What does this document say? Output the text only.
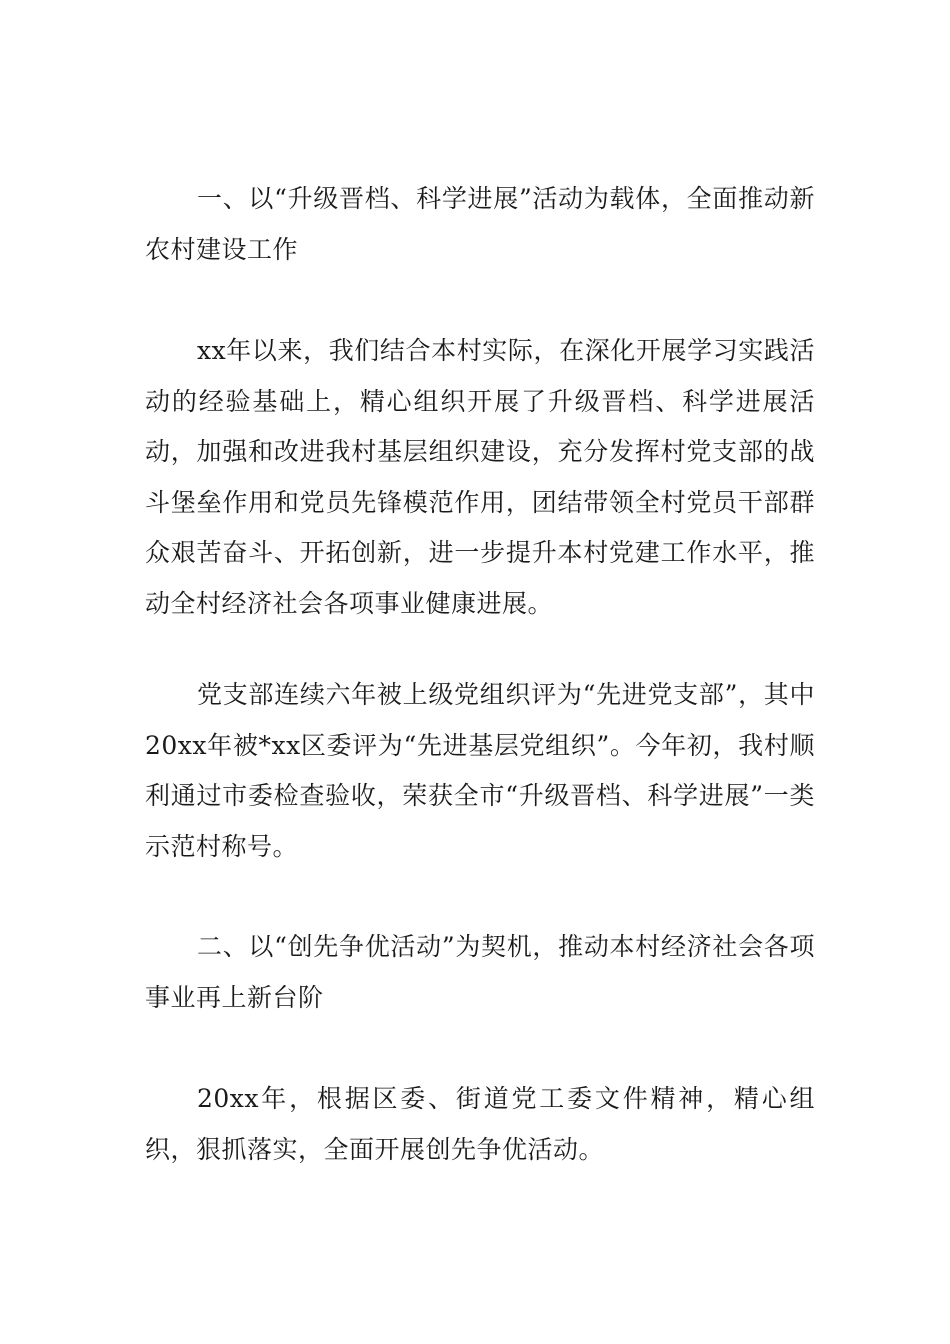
一、以“升级晋档、科学进展”活动为载体，全面推动新农村建设工作

xx年以来，我们结合本村实际，在深化开展学习实践活动的经验基础上，精心组织开展了升级晋档、科学进展活动，加强和改进我村基层组织建设，充分发挥村党支部的战斗堡垒作用和党员先锋模范作用，团结带领全村党员干部群众艰苦奋斗、开拓创新，进一步提升本村党建工作水平，推动全村经济社会各项事业健康进展。

党支部连续六年被上级党组织评为“先进党支部”，其中20xx年被*xx区委评为“先进基层党组织”。今年初，我村顺利通过市委检查验收，荣获全市“升级晋档、科学进展”一类示范村称号。

二、以“创先争优活动”为契机，推动本村经济社会各项事业再上新台阶

20xx年，根据区委、街道党工委文件精神，精心组织，狠抓落实，全面开展创先争优活动。
